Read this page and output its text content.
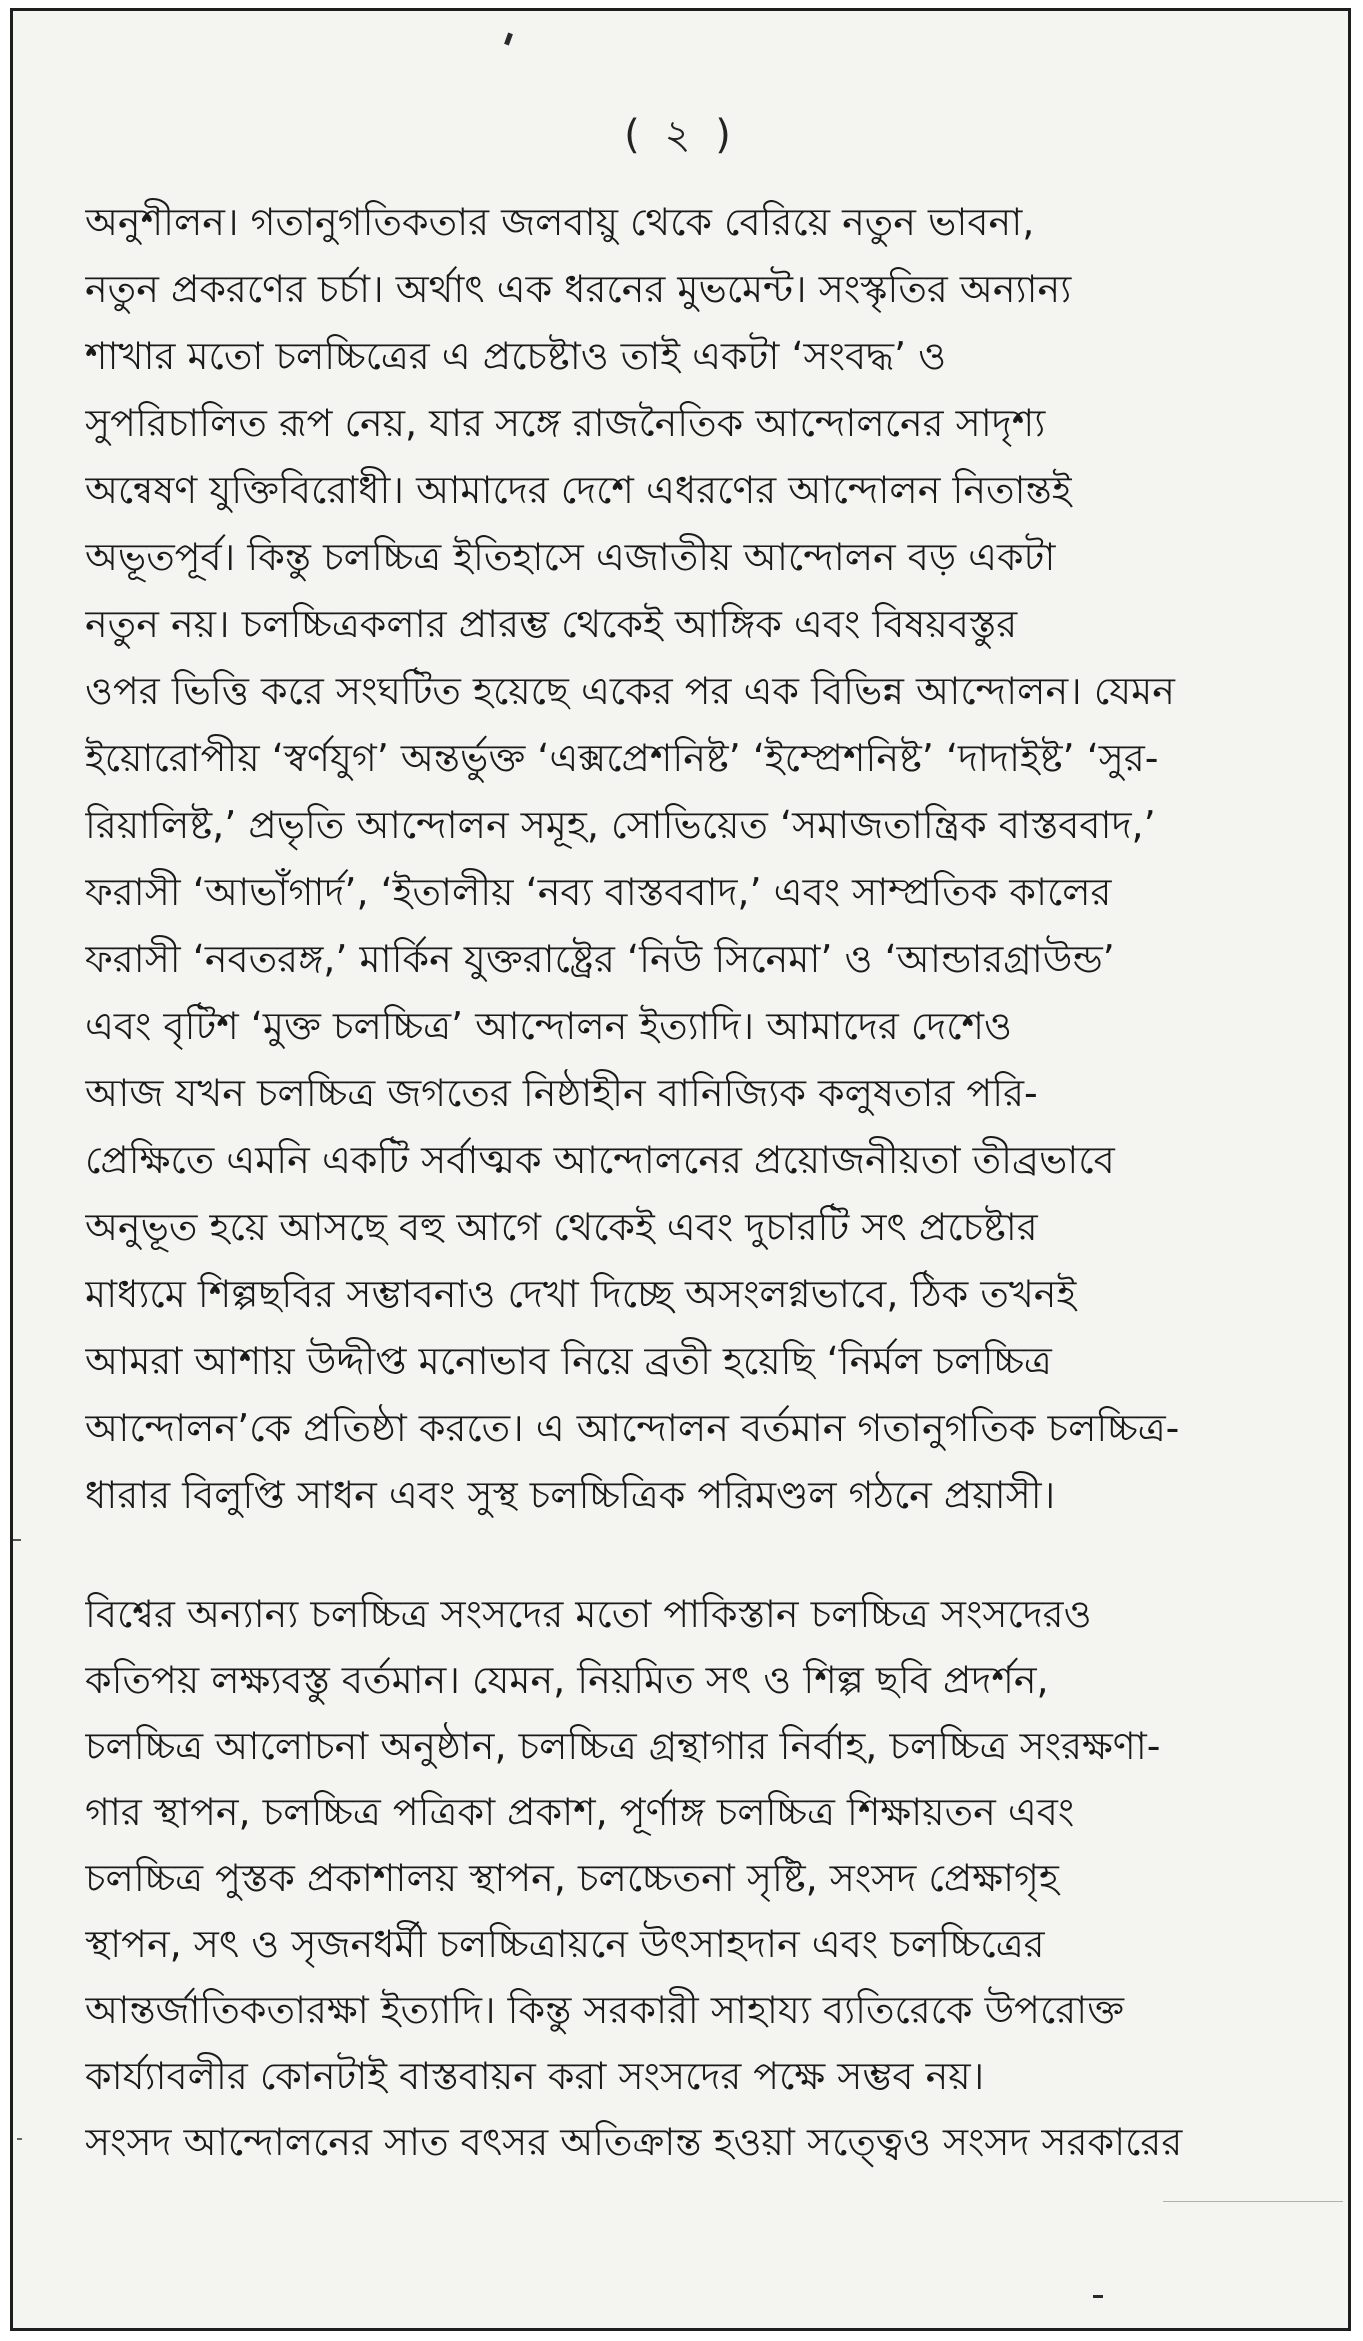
( ২ )
অনুশীলন। গতানুগতিকতার জলবায়ু থেকে বেরিয়ে নতুন ভাবনা,
নতুন প্রকরণের চর্চা। অর্থাৎ এক ধরনের মুভমেন্ট। সংস্কৃতির অন্যান্য
শাখার মতো চলচ্চিত্রের এ প্রচেষ্টাও তাই একটা ‘সংবদ্ধ’ ও
সুপরিচালিত রূপ নেয়, যার সঙ্গে রাজনৈতিক আন্দোলনের সাদৃশ্য
অন্বেষণ যুক্তিবিরোধী। আমাদের দেশে এধরণের আন্দোলন নিতান্তই
অভূতপূর্ব। কিন্তু চলচ্চিত্র ইতিহাসে এজাতীয় আন্দোলন বড় একটা
নতুন নয়। চলচ্চিত্রকলার প্রারম্ভ থেকেই আঙ্গিক এবং বিষয়বস্তুর
ওপর ভিত্তি করে সংঘটিত হয়েছে একের পর এক বিভিন্ন আন্দোলন। যেমন
ইয়োরোপীয় ‘স্বর্ণযুগ’ অন্তর্ভুক্ত ‘এক্সপ্রেশনিষ্ট’ ‘ইম্প্রেশনিষ্ট’ ‘দাদাইষ্ট’ ‘সুর-
রিয়ালিষ্ট,’ প্রভৃতি আন্দোলন সমূহ, সোভিয়েত ‘সমাজতান্ত্রিক বাস্তববাদ,’
ফরাসী ‘আভাঁগার্দ’, ‘ইতালীয় ‘নব্য বাস্তববাদ,’ এবং সাম্প্রতিক কালের
ফরাসী ‘নবতরঙ্গ,’ মার্কিন যুক্তরাষ্ট্রের ‘নিউ সিনেমা’ ও ‘আন্ডারগ্রাউন্ড’
এবং বৃটিশ ‘মুক্ত চলচ্চিত্র’ আন্দোলন ইত্যাদি। আমাদের দেশেও
আজ যখন চলচ্চিত্র জগতের নিষ্ঠাহীন বানিজ্যিক কলুষতার পরি-
প্রেক্ষিতে এমনি একটি সর্বাত্মক আন্দোলনের প্রয়োজনীয়তা তীব্রভাবে
অনুভূত হয়ে আসছে বহু আগে থেকেই এবং দুচারটি সৎ প্রচেষ্টার
মাধ্যমে শিল্পছবির সম্ভাবনাও দেখা দিচ্ছে অসংলগ্নভাবে, ঠিক তখনই
আমরা আশায় উদ্দীপ্ত মনোভাব নিয়ে ব্রতী হয়েছি ‘নির্মল চলচ্চিত্র
আন্দোলন’কে প্রতিষ্ঠা করতে। এ আন্দোলন বর্তমান গতানুগতিক চলচ্চিত্র-
ধারার বিলুপ্তি সাধন এবং সুস্থ চলচ্চিত্রিক পরিমণ্ডল গঠনে প্রয়াসী।
বিশ্বের অন্যান্য চলচ্চিত্র সংসদের মতো পাকিস্তান চলচ্চিত্র সংসদেরও
কতিপয় লক্ষ্যবস্তু বর্তমান। যেমন, নিয়মিত সৎ ও শিল্প ছবি প্রদর্শন,
চলচ্চিত্র আলোচনা অনুষ্ঠান, চলচ্চিত্র গ্রন্থাগার নির্বাহ, চলচ্চিত্র সংরক্ষণা-
গার স্থাপন, চলচ্চিত্র পত্রিকা প্রকাশ, পূর্ণাঙ্গ চলচ্চিত্র শিক্ষায়তন এবং
চলচ্চিত্র পুস্তক প্রকাশালয় স্থাপন, চলচ্চেতনা সৃষ্টি, সংসদ প্রেক্ষাগৃহ
স্থাপন, সৎ ও সৃজনধর্মী চলচ্চিত্রায়নে উৎসাহদান এবং চলচ্চিত্রের
আন্তর্জাতিকতারক্ষা ইত্যাদি। কিন্তু সরকারী সাহায্য ব্যতিরেকে উপরোক্ত
কার্য্যাবলীর কোনটাই বাস্তবায়ন করা সংসদের পক্ষে সম্ভব নয়।
সংসদ আন্দোলনের সাত বৎসর অতিক্রান্ত হওয়া সত্ত্বেও সংসদ সরকারের
